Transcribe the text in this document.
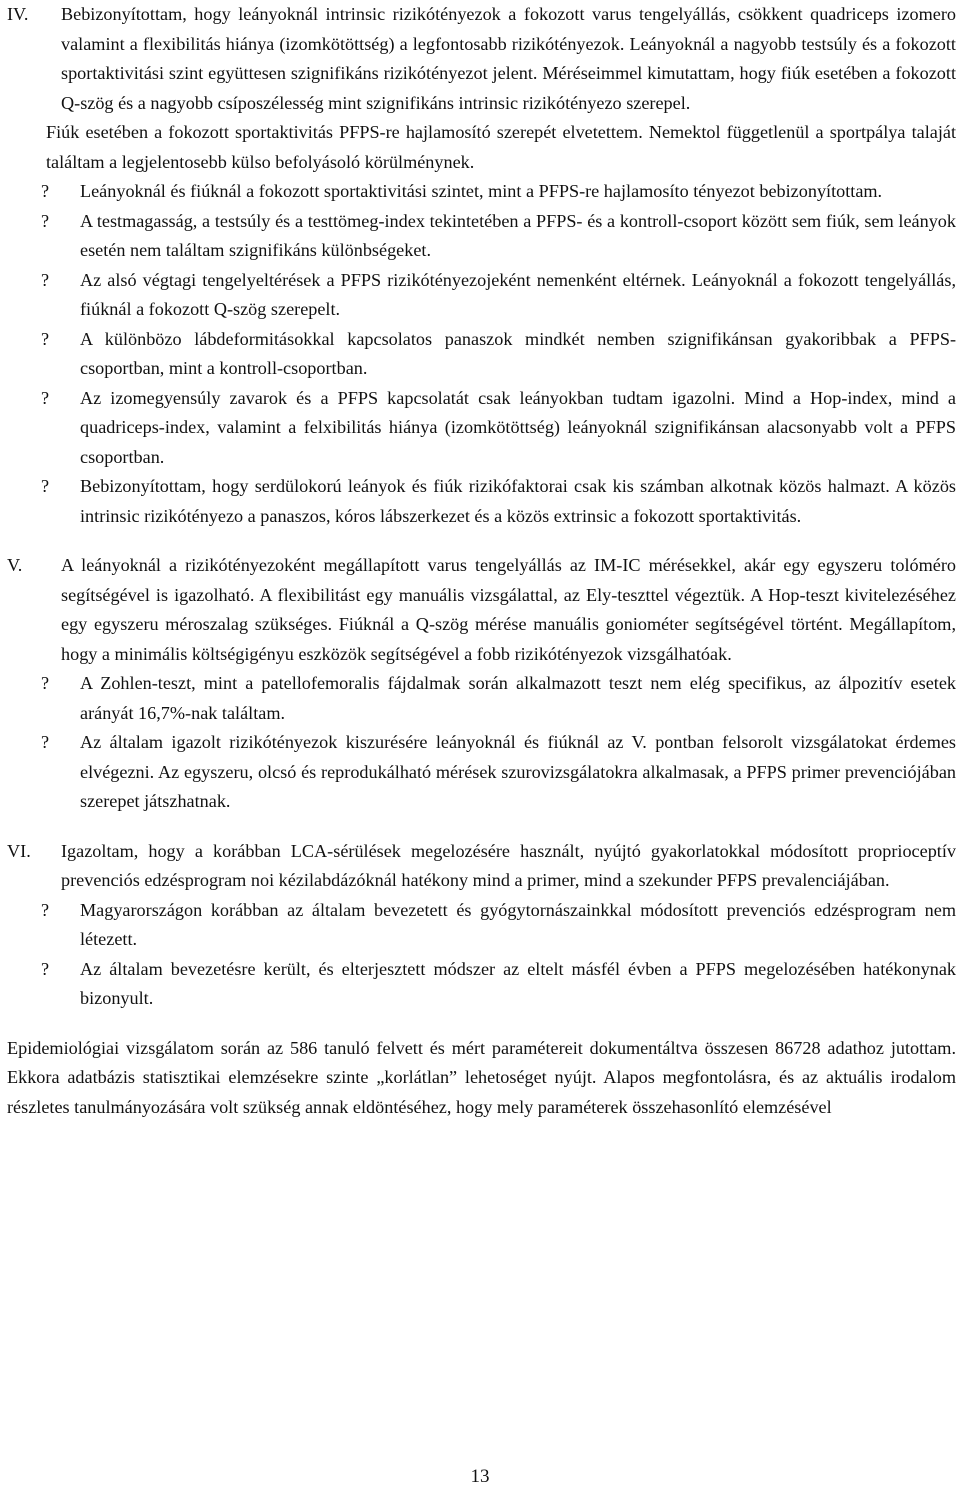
IV. Bebizonyítottam, hogy leányoknál intrinsic rizikótényezok a fokozott varus tengelyállás, csökkent quadriceps izomero valamint a flexibilitás hiánya (izomkötöttség) a legfontosabb rizikótényezok. Leányoknál a nagyobb testsúly és a fokozott sportaktivitási szint együttesen szignifikáns rizikótényezot jelent. Méréseimmel kimutattam, hogy fiúk esetében a fokozott Q-szög és a nagyobb csíposzélesség mint szignifikáns intrinsic rizikótényezo szerepel.

Fiúk esetében a fokozott sportaktivitás PFPS-re hajlamosító szerepét elvetettem. Nemektol függetlenül a sportpálya talaját találtam a legjelentosebb külso befolyásoló körülménynek.

? Leányoknál és fiúknál a fokozott sportaktivitási szintet, mint a PFPS-re hajlamosíto tényezot bebizonyítottam.

? A testmagasság, a testsúly és a testtömeg-index tekintetében a PFPS- és a kontroll-csoport között sem fiúk, sem leányok esetén nem találtam szignifikáns különbségeket.

? Az alsó végtagi tengelyeltérések a PFPS rizikótényezojeként nemenként eltérnek. Leányoknál a fokozott tengelyállás, fiúknál a fokozott Q-szög szerepelt.

? A különbözo lábdeformitásokkal kapcsolatos panaszok mindkét nemben szignifikánsan gyakoribbak a PFPS-csoportban, mint a kontroll-csoportban.

? Az izomegyensúly zavarok és a PFPS kapcsolatát csak leányokban tudtam igazolni. Mind a Hop-index, mind a quadriceps-index, valamint a felxibilitás hiánya (izomkötöttség) leányoknál szignifikánsan alacsonyabb volt a PFPS csoportban.

? Bebizonyítottam, hogy serdülokorú leányok és fiúk rizikófaktorai csak kis számban alkotnak közös halmazt. A közös intrinsic rizikótényezo a panaszos, kóros lábszerkezet és a közös extrinsic a fokozott sportaktivitás.

V. A leányoknál a rizikótényezoként megállapított varus tengelyállás az IM-IC mérésekkel, akár egy egyszeru tolóméro segítségével is igazolható. A flexibilitást egy manuális vizsgálattal, az Ely-teszttel végeztük. A Hop-teszt kivitelezéséhez egy egyszeru méroszalag szükséges. Fiúknál a Q-szög mérése manuális goniométer segítségével történt. Megállapítom, hogy a minimális költségigényu eszközök segítségével a fobb rizikótényezok vizsgálhatóak.

? A Zohlen-teszt, mint a patellofemoralis fájdalmak során alkalmazott teszt nem elég specifikus, az álpozitív esetek arányát 16,7%-nak találtam.

? Az általam igazolt rizikótényezok kiszurésére leányoknál és fiúknál az V. pontban felsorolt vizsgálatokat érdemes elvégezni. Az egyszeru, olcsó és reprodukálható mérések szurovizsgálatokra alkalmasak, a PFPS primer prevenciójában szerepet játszhatnak.

VI. Igazoltam, hogy a korábban LCA-sérülések megelozésére használt, nyújtó gyakorlatokkal módosított proprioceptív prevenciós edzésprogram noi kézilabdázóknál hatékony mind a primer, mind a szekunder PFPS prevalenciájában.

? Magyarországon korábban az általam bevezetett és gyógytornászainkkal módosított prevenciós edzésprogram nem létezett.

? Az általam bevezetésre került, és elterjesztett módszer az eltelt másfél évben a PFPS megelozésében hatékonynak bizonyult.

Epidemiológiai vizsgálatom során az 586 tanuló felvett és mért paramétereit dokumentáltva összesen 86728 adathoz jutottam. Ekkora adatbázis statisztikai elemzésekre szinte „korlátlan” lehetoséget nyújt. Alapos megfontolásra, és az aktuális irodalom részletes tanulmányozására volt szükség annak eldöntéséhez, hogy mely paraméterek összehasonlító elemzésével

13
